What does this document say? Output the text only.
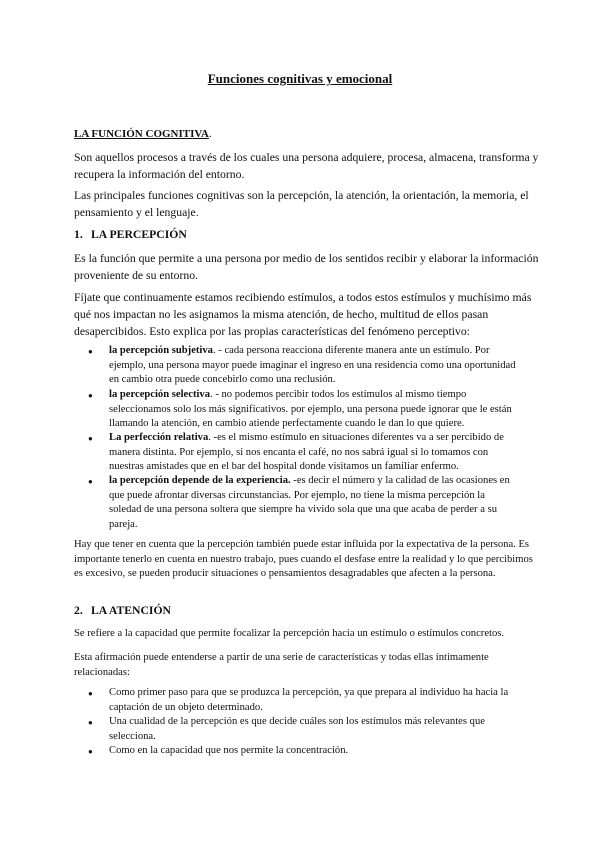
Funciones cognitivas y emocional
LA FUNCIÓN COGNITIVA.
Son aquellos procesos a través de los cuales una persona adquiere, procesa, almacena, transforma y recupera la información del entorno.
Las principales funciones cognitivas son la percepción, la atención, la orientación, la memoria, el pensamiento y el lenguaje.
1. LA PERCEPCIÓN
Es la función que permite a una persona por medio de los sentidos recibir y elaborar la información proveniente de su entorno.
Fíjate que continuamente estamos recibiendo estímulos, a todos estos estímulos y muchísimo más qué nos impactan no les asignamos la misma atención, de hecho, multitud de ellos pasan desapercibidos. Esto explica por las propias características del fenómeno perceptivo:
● la percepción subjetiva. - cada persona reacciona diferente manera ante un estímulo. Por ejemplo, una persona mayor puede imaginar el ingreso en una residencia como una oportunidad en cambio otra puede concebirlo como una reclusión.
● la percepción selectiva. - no podemos percibir todos los estímulos al mismo tiempo seleccionamos solo los más significativos. por ejemplo, una persona puede ignorar que le están llamando la atención, en cambio atiende perfectamente cuando le dan lo que quiere.
● La perfección relativa. -es el mismo estímulo en situaciones diferentes va a ser percibido de manera distinta. Por ejemplo, si nos encanta el café, no nos sabrá igual si lo tomamos con nuestras amistades que en el bar del hospital donde visitamos un familiar enfermo.
● la percepción depende de la experiencia. -es decir el número y la calidad de las ocasiones en que puede afrontar diversas circunstancias. Por ejemplo, no tiene la misma percepción la soledad de una persona soltera que siempre ha vivido sola que una que acaba de perder a su pareja.
Hay que tener en cuenta que la percepción también puede estar influida por la expectativa de la persona. Es importante tenerlo en cuenta en nuestro trabajo, pues cuando el desfase entre la realidad y lo que percibimos es excesivo, se pueden producir situaciones o pensamientos desagradables que afecten a la persona.
2. LA ATENCIÓN
Se refiere a la capacidad que permite focalizar la percepción hacia un estímulo o estímulos concretos.
Esta afirmación puede entenderse a partir de una serie de características y todas ellas íntimamente relacionadas:
● Como primer paso para que se produzca la percepción, ya que prepara al individuo ha hacia la captación de un objeto determinado.
● Una cualidad de la percepción es que decide cuáles son los estímulos más relevantes que selecciona.
● Como en la capacidad que nos permite la concentración.
